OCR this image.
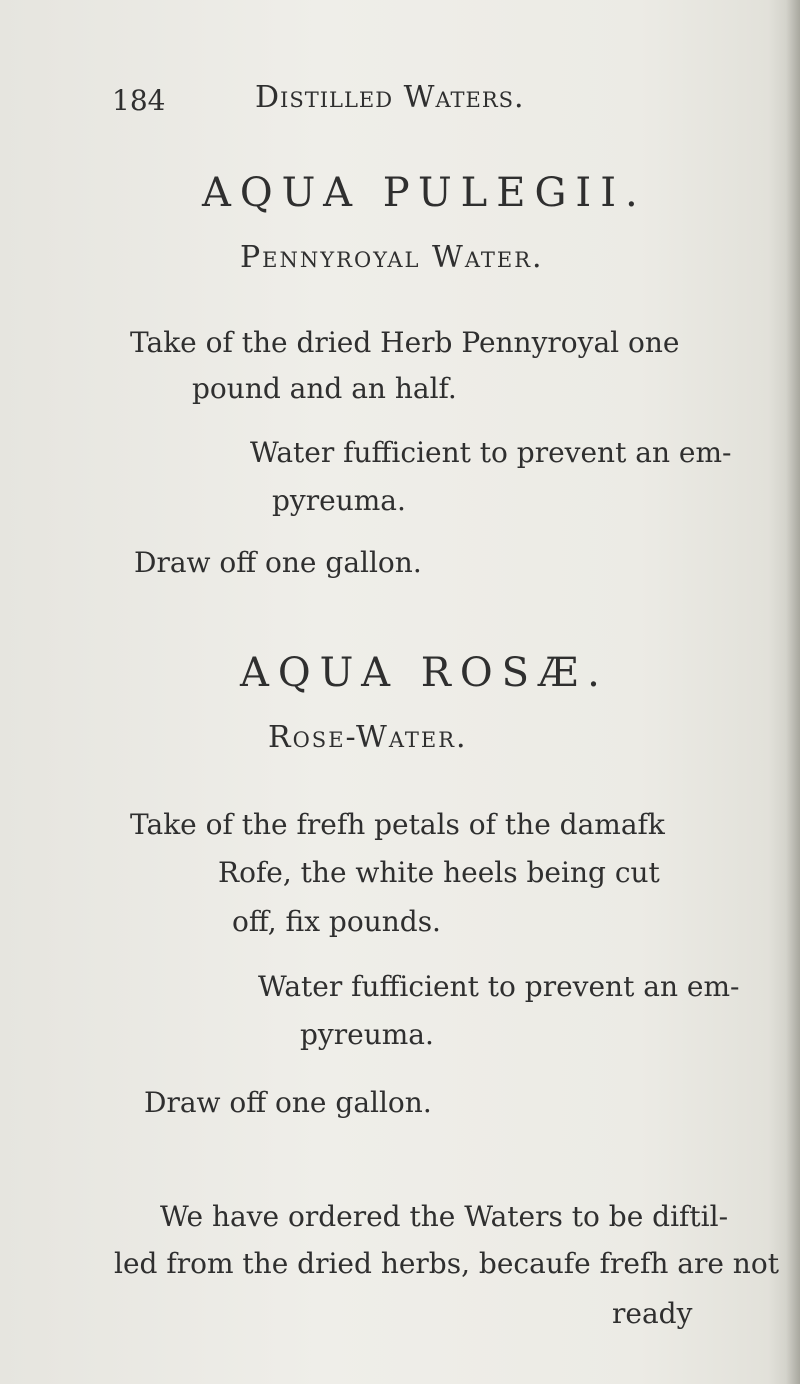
184	Distilled Waters.
AQUA PULEGII.
Pennyroyal Water.
Take of the dried Herb Pennyroyal one
pound and an half.
Water fufficient to prevent an em-
pyreuma.
Draw off one gallon.
AQUA ROSÆ.
Rose-Water.
Take of the frefh petals of the damafk
Rofe, the white heels being cut
off, fix pounds.
Water fufficient to prevent an em-
pyreuma.
Draw off one gallon.
We have ordered the Waters to be diftil-
led from the dried herbs, becaufe frefh are not
ready
